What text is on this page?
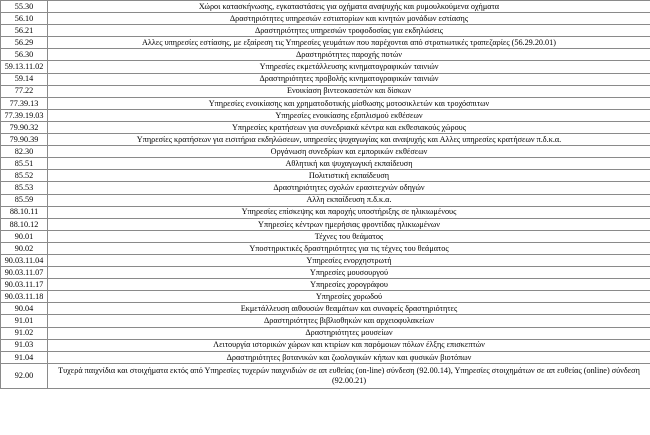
55.30	Χώροι κατασκήνωσης, εγκαταστάσεις για οχήματα αναψυχής και ρυμουλκούμενα οχήματα
56.10	Δραστηριότητες υπηρεσιών εστιατορίων και κινητών μονάδων εστίασης
56.21	Δραστηριότητες υπηρεσιών τροφοδοσίας για εκδηλώσεις
56.29	Αλλες υπηρεσίες εστίασης, με εξαίρεση τις Υπηρεσίες γευμάτων που παρέχονται από στρατιωτικές τραπεζαρίες (56.29.20.01)
56.30	Δραστηριότητες παροχής ποτών
59.13.11.02	Υπηρεσίες εκμετάλλευσης κινηματογραφικών ταινιών
59.14	Δραστηριότητες προβολής κινηματογραφικών ταινιών
77.22	Ενοικίαση βιντεοκασετών και δίσκων
77.39.13	Υπηρεσίες ενοικίασης και χρηματοδοτικής μίσθωσης μοτοσικλετών και τροχόσπιτων
77.39.19.03	Υπηρεσίες ενοικίασης εξοπλισμού εκθέσεων
79.90.32	Υπηρεσίες κρατήσεων για συνεδριακά κέντρα και εκθεσιακούς χώρους
79.90.39	Υπηρεσίες κρατήσεων για εισιτήρια εκδηλώσεων, υπηρεσίες ψυχαγωγίας και αναψυχής και Αλλες υπηρεσίες κρατήσεων π.δ.κ.α.
82.30	Οργάνωση συνεδρίων και εμπορικών εκθέσεων
85.51	Αθλητική και ψυχαγωγική εκπαίδευση
85.52	Πολιτιστική εκπαίδευση
85.53	Δραστηριότητες σχολών ερασιτεχνών οδηγών
85.59	Αλλη εκπαίδευση π.δ.κ.α.
88.10.11	Υπηρεσίες επίσκεψης και παροχής υποστήριξης σε ηλικιωμένους
88.10.12	Υπηρεσίες κέντρων ημερήσιας φροντίδας ηλικιωμένων
90.01	Τέχνες του θεάματος
90.02	Υποστηρικτικές δραστηριότητες για τις τέχνες του θεάματος
90.03.11.04	Υπηρεσίες ενορχηστρωτή
90.03.11.07	Υπηρεσίες μουσουργού
90.03.11.17	Υπηρεσίες χορογράφου
90.03.11.18	Υπηρεσίες χορωδού
90.04	Εκμετάλλευση αιθουσών θεαμάτων και συναφείς δραστηριότητες
91.01	Δραστηριότητες βιβλιοθηκών και αρχειοφυλακείων
91.02	Δραστηριότητες μουσείων
91.03	Λειτουργία ιστορικών χώρων και κτιρίων και παρόμοιων πόλων έλξης επισκεπτών
91.04	Δραστηριότητες βοτανικών και ζωολογικών κήπων και φυσικών βιοτόπων
92.00	Τυχερά παιχνίδια και στοιχήματα εκτός από Υπηρεσίες τυχερών παιχνιδιών σε απ ευθείας (on-line) σύνδεση (92.00.14), Υπηρεσίες στοιχημάτων σε απ ευθείας (online) σύνδεση (92.00.21)
